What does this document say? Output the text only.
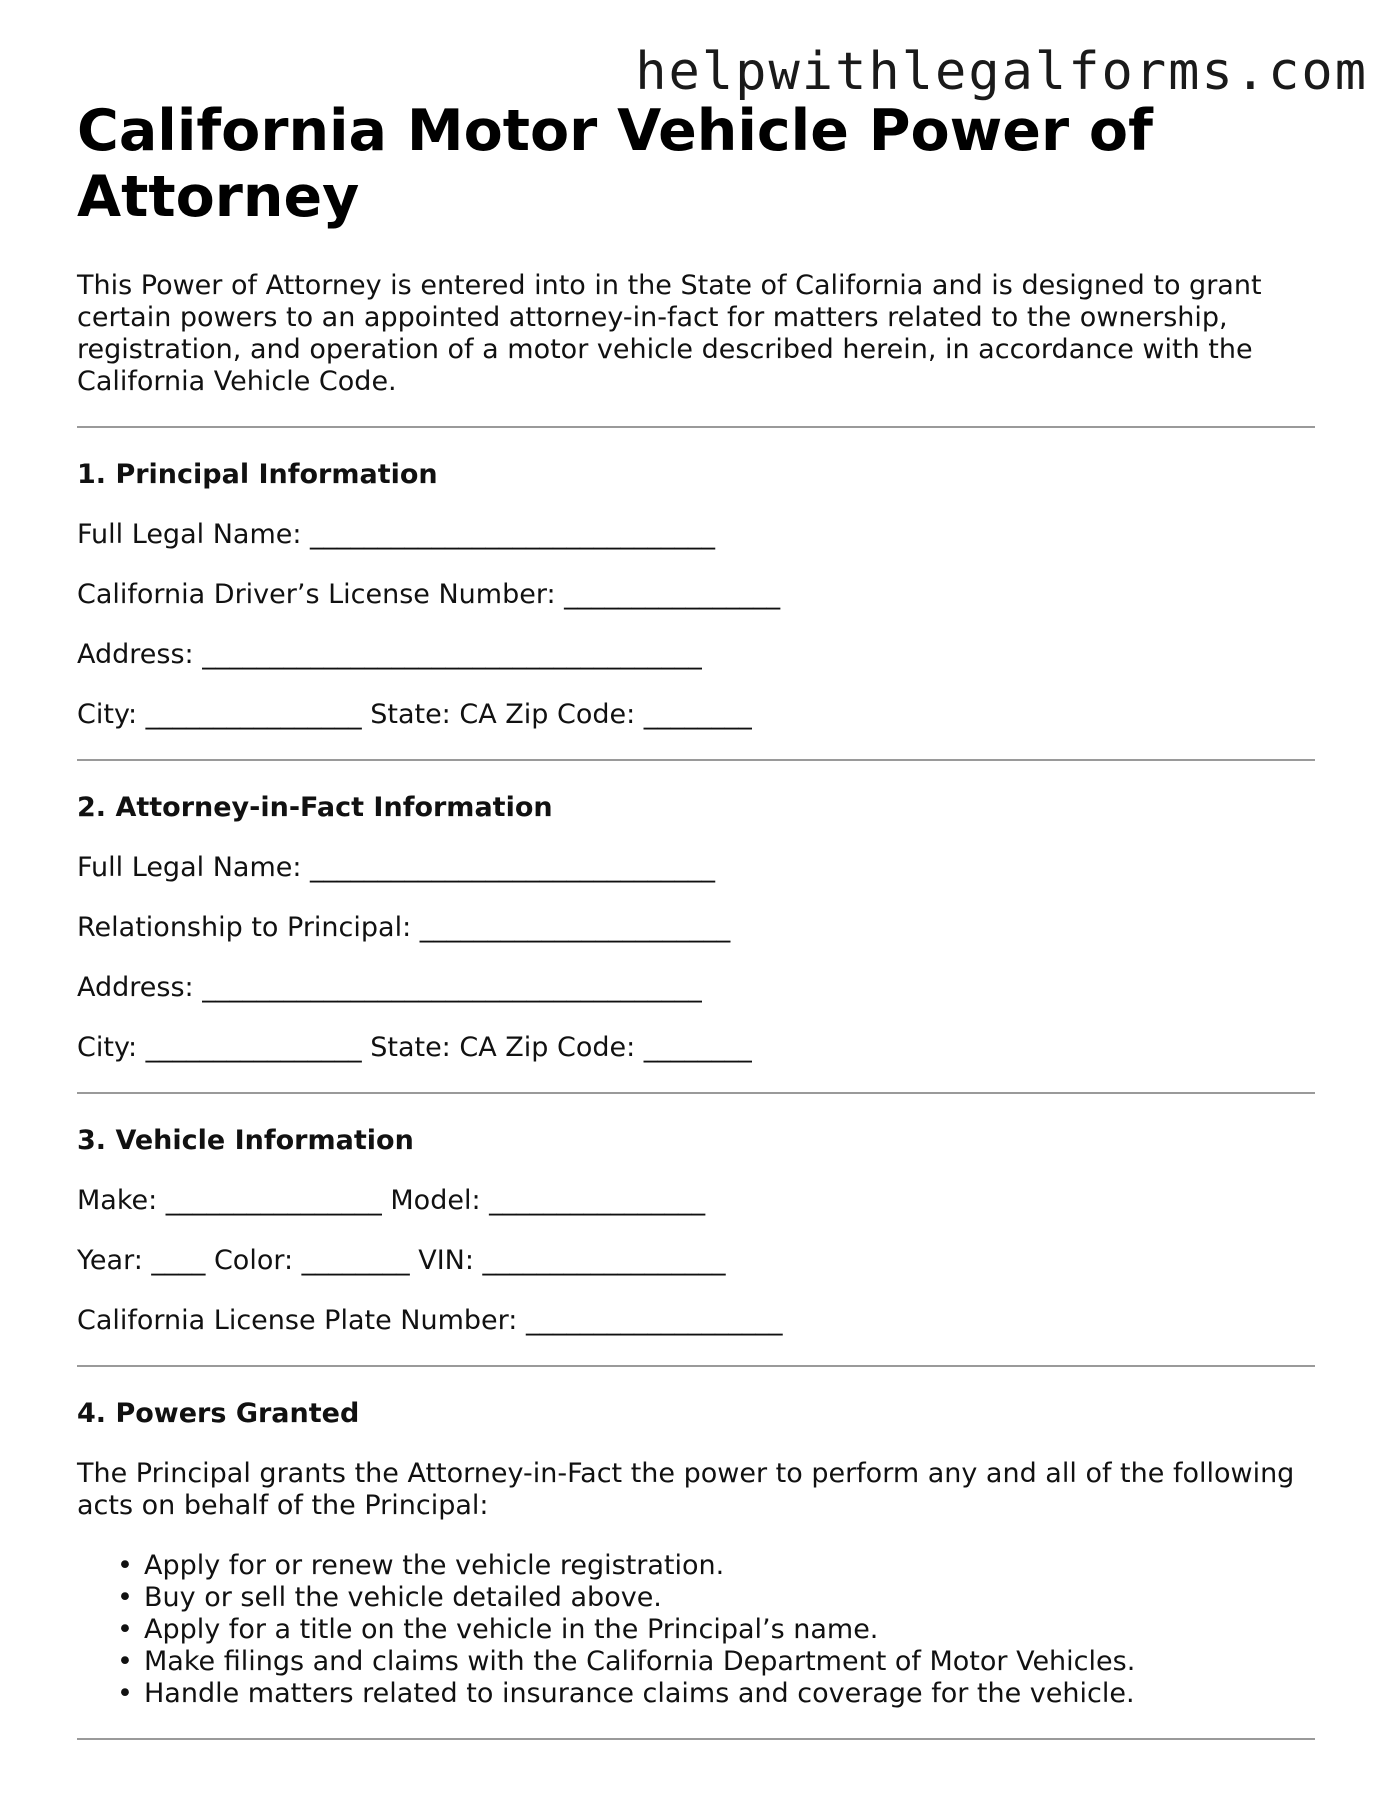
helpwithlegalforms.com
California Motor Vehicle Power of Attorney

This Power of Attorney is entered into in the State of California and is designed to grant certain powers to an appointed attorney-in-fact for matters related to the ownership, registration, and operation of a motor vehicle described herein, in accordance with the California Vehicle Code.

1. Principal Information
Full Legal Name: ______________________________
California Driver’s License Number: ________________
Address: _____________________________________
City: ________________ State: CA Zip Code: ________
2. Attorney-in-Fact Information
Full Legal Name: ______________________________
Relationship to Principal: _______________________
Address: _____________________________________
City: ________________ State: CA Zip Code: ________
3. Vehicle Information
Make: ________________ Model: ________________
Year: ____ Color: ________ VIN: __________________
California License Plate Number: ___________________
4. Powers Granted

The Principal grants the Attorney-in-Fact the power to perform any and all of the following acts on behalf of the Principal:

• Apply for or renew the vehicle registration.
• Buy or sell the vehicle detailed above.
• Apply for a title on the vehicle in the Principal’s name.
• Make filings and claims with the California Department of Motor Vehicles.
• Handle matters related to insurance claims and coverage for the vehicle.
